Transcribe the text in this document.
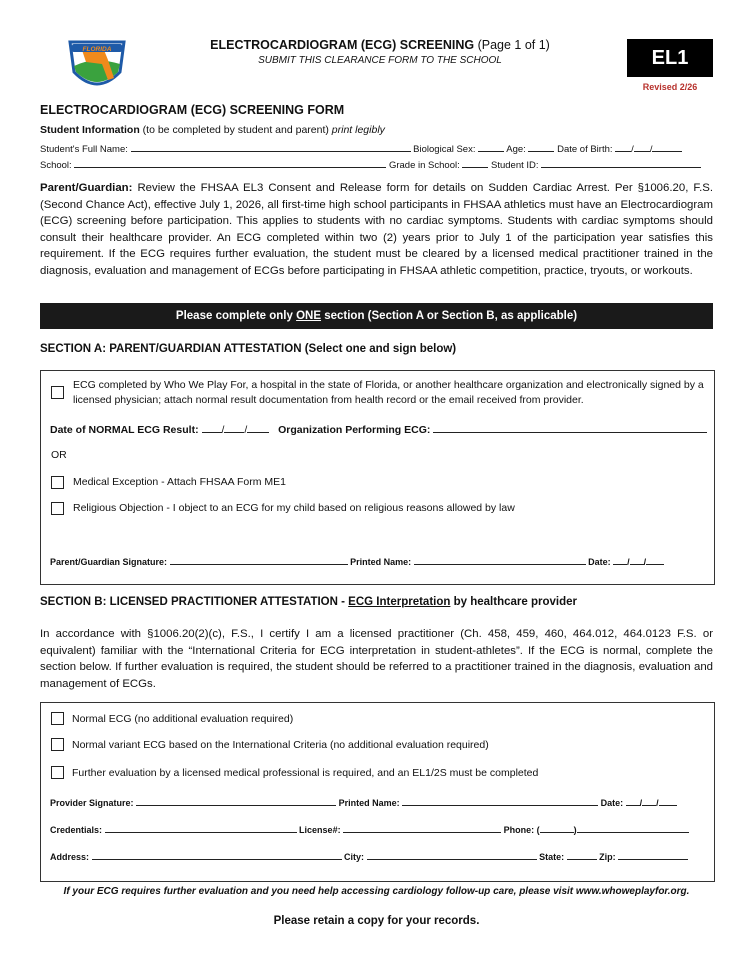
FLORIDA	ELECTROCARDIOGRAM (ECG) SCREENING (Page 1 of 1)
SUBMIT THIS CLEARANCE FORM TO THE SCHOOL	EL1
Revised 2/26
ELECTROCARDIOGRAM (ECG) SCREENING FORM
Student Information (to be completed by student and parent) print legibly
Student's Full Name:	Biological Sex:	Age:	Date of Birth: / /
School:	Grade in School:	Student ID:
Parent/Guardian: Review the FHSAA EL3 Consent and Release form for details on Sudden Cardiac Arrest. Per §1006.20, F.S. (Second Chance Act), effective July 1, 2026, all first-time high school participants in FHSAA athletics must have an Electrocardiogram (ECG) screening before participation. This applies to students with no cardiac symptoms. Students with cardiac symptoms should consult their healthcare provider. An ECG completed within two (2) years prior to July 1 of the participation year satisfies this requirement. If the ECG requires further evaluation, the student must be cleared by a licensed medical practitioner trained in the diagnosis, evaluation and management of ECGs before participating in FHSAA athletic competition, practice, tryouts, or workouts.
Please complete only ONE section (Section A or Section B, as applicable)
SECTION A: PARENT/GUARDIAN ATTESTATION (Select one and sign below)
ECG completed by Who We Play For, a hospital in the state of Florida, or another healthcare organization and electronically signed by a licensed physician; attach normal result documentation from health record or the email received from provider.
Date of NORMAL ECG Result: / /	Organization Performing ECG:
OR
Medical Exception - Attach FHSAA Form ME1
Religious Objection - I object to an ECG for my child based on religious reasons allowed by law
Parent/Guardian Signature:	Printed Name:	Date: / /
SECTION B: LICENSED PRACTITIONER ATTESTATION - ECG Interpretation by healthcare provider
In accordance with §1006.20(2)(c), F.S., I certify I am a licensed practitioner (Ch. 458, 459, 460, 464.012, 464.0123 F.S. or equivalent) familiar with the “International Criteria for ECG interpretation in student-athletes”. If the ECG is normal, complete the section below. If further evaluation is required, the student should be referred to a practitioner trained in the diagnosis, evaluation and management of ECGs.
Normal ECG (no additional evaluation required)
Normal variant ECG based on the International Criteria (no additional evaluation required)
Further evaluation by a licensed medical professional is required, and an EL1/2S must be completed
Provider Signature:	Printed Name:	Date: / /
Credentials:	License#:	Phone: (	)
Address:	City:	State:	Zip:
If your ECG requires further evaluation and you need help accessing cardiology follow-up care, please visit www.whoweplayfor.org.
Please retain a copy for your records.
